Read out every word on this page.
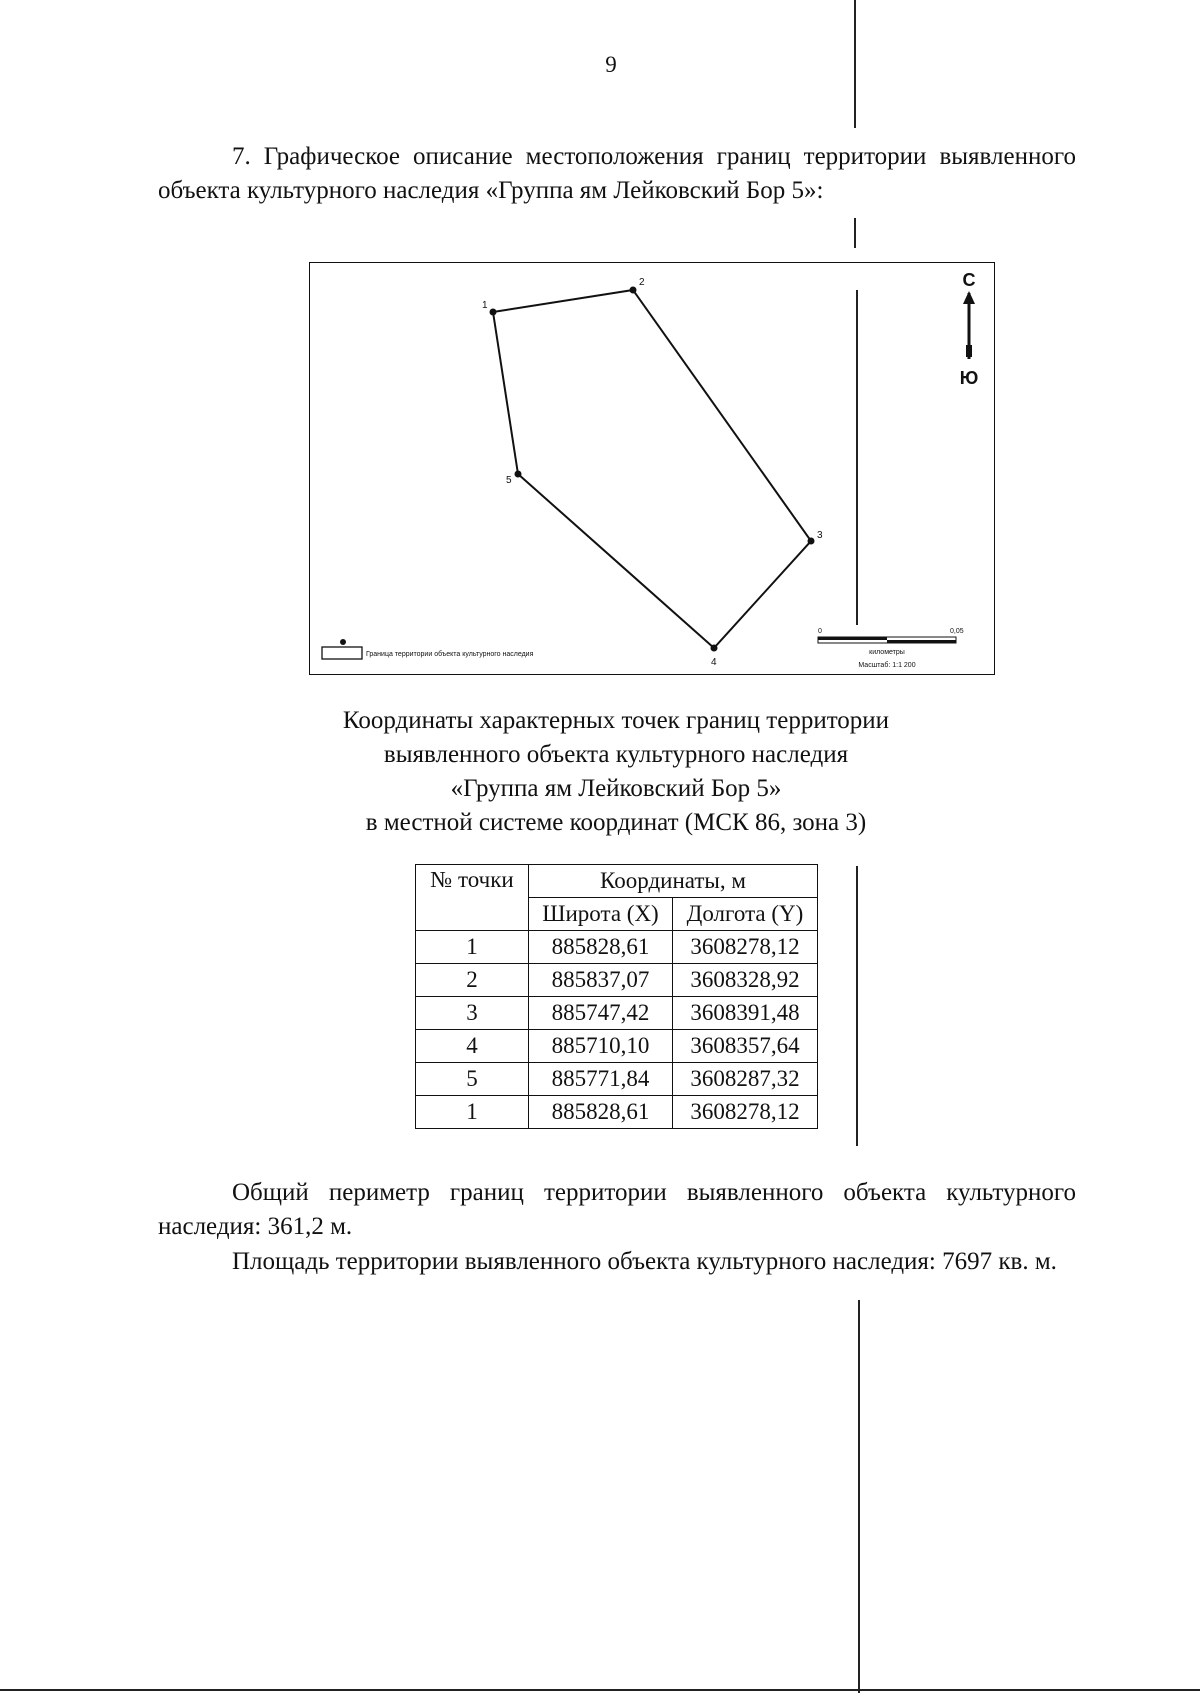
9
7. Графическое описание местоположения границ территории выявленного объекта культурного наследия «Группа ям Лейковский Бор 5»:
1
2
3
4
5
С
Ю
Граница территории объекта культурного наследия
0	0,05
километры
Масштаб: 1:1 200
Координаты характерных точек границ территории
выявленного объекта культурного наследия
«Группа ям Лейковский Бор 5»
в местной системе координат (МСК 86, зона 3)
№ точки	Координаты, м	
	Широта (X)	Долгота (Y)
1	885828,61	3608278,12
2	885837,07	3608328,92
3	885747,42	3608391,48
4	885710,10	3608357,64
5	885771,84	3608287,32
1	885828,61	3608278,12
Общий периметр границ территории выявленного объекта культурного наследия: 361,2 м.
Площадь территории выявленного объекта культурного наследия: 7697 кв. м.
